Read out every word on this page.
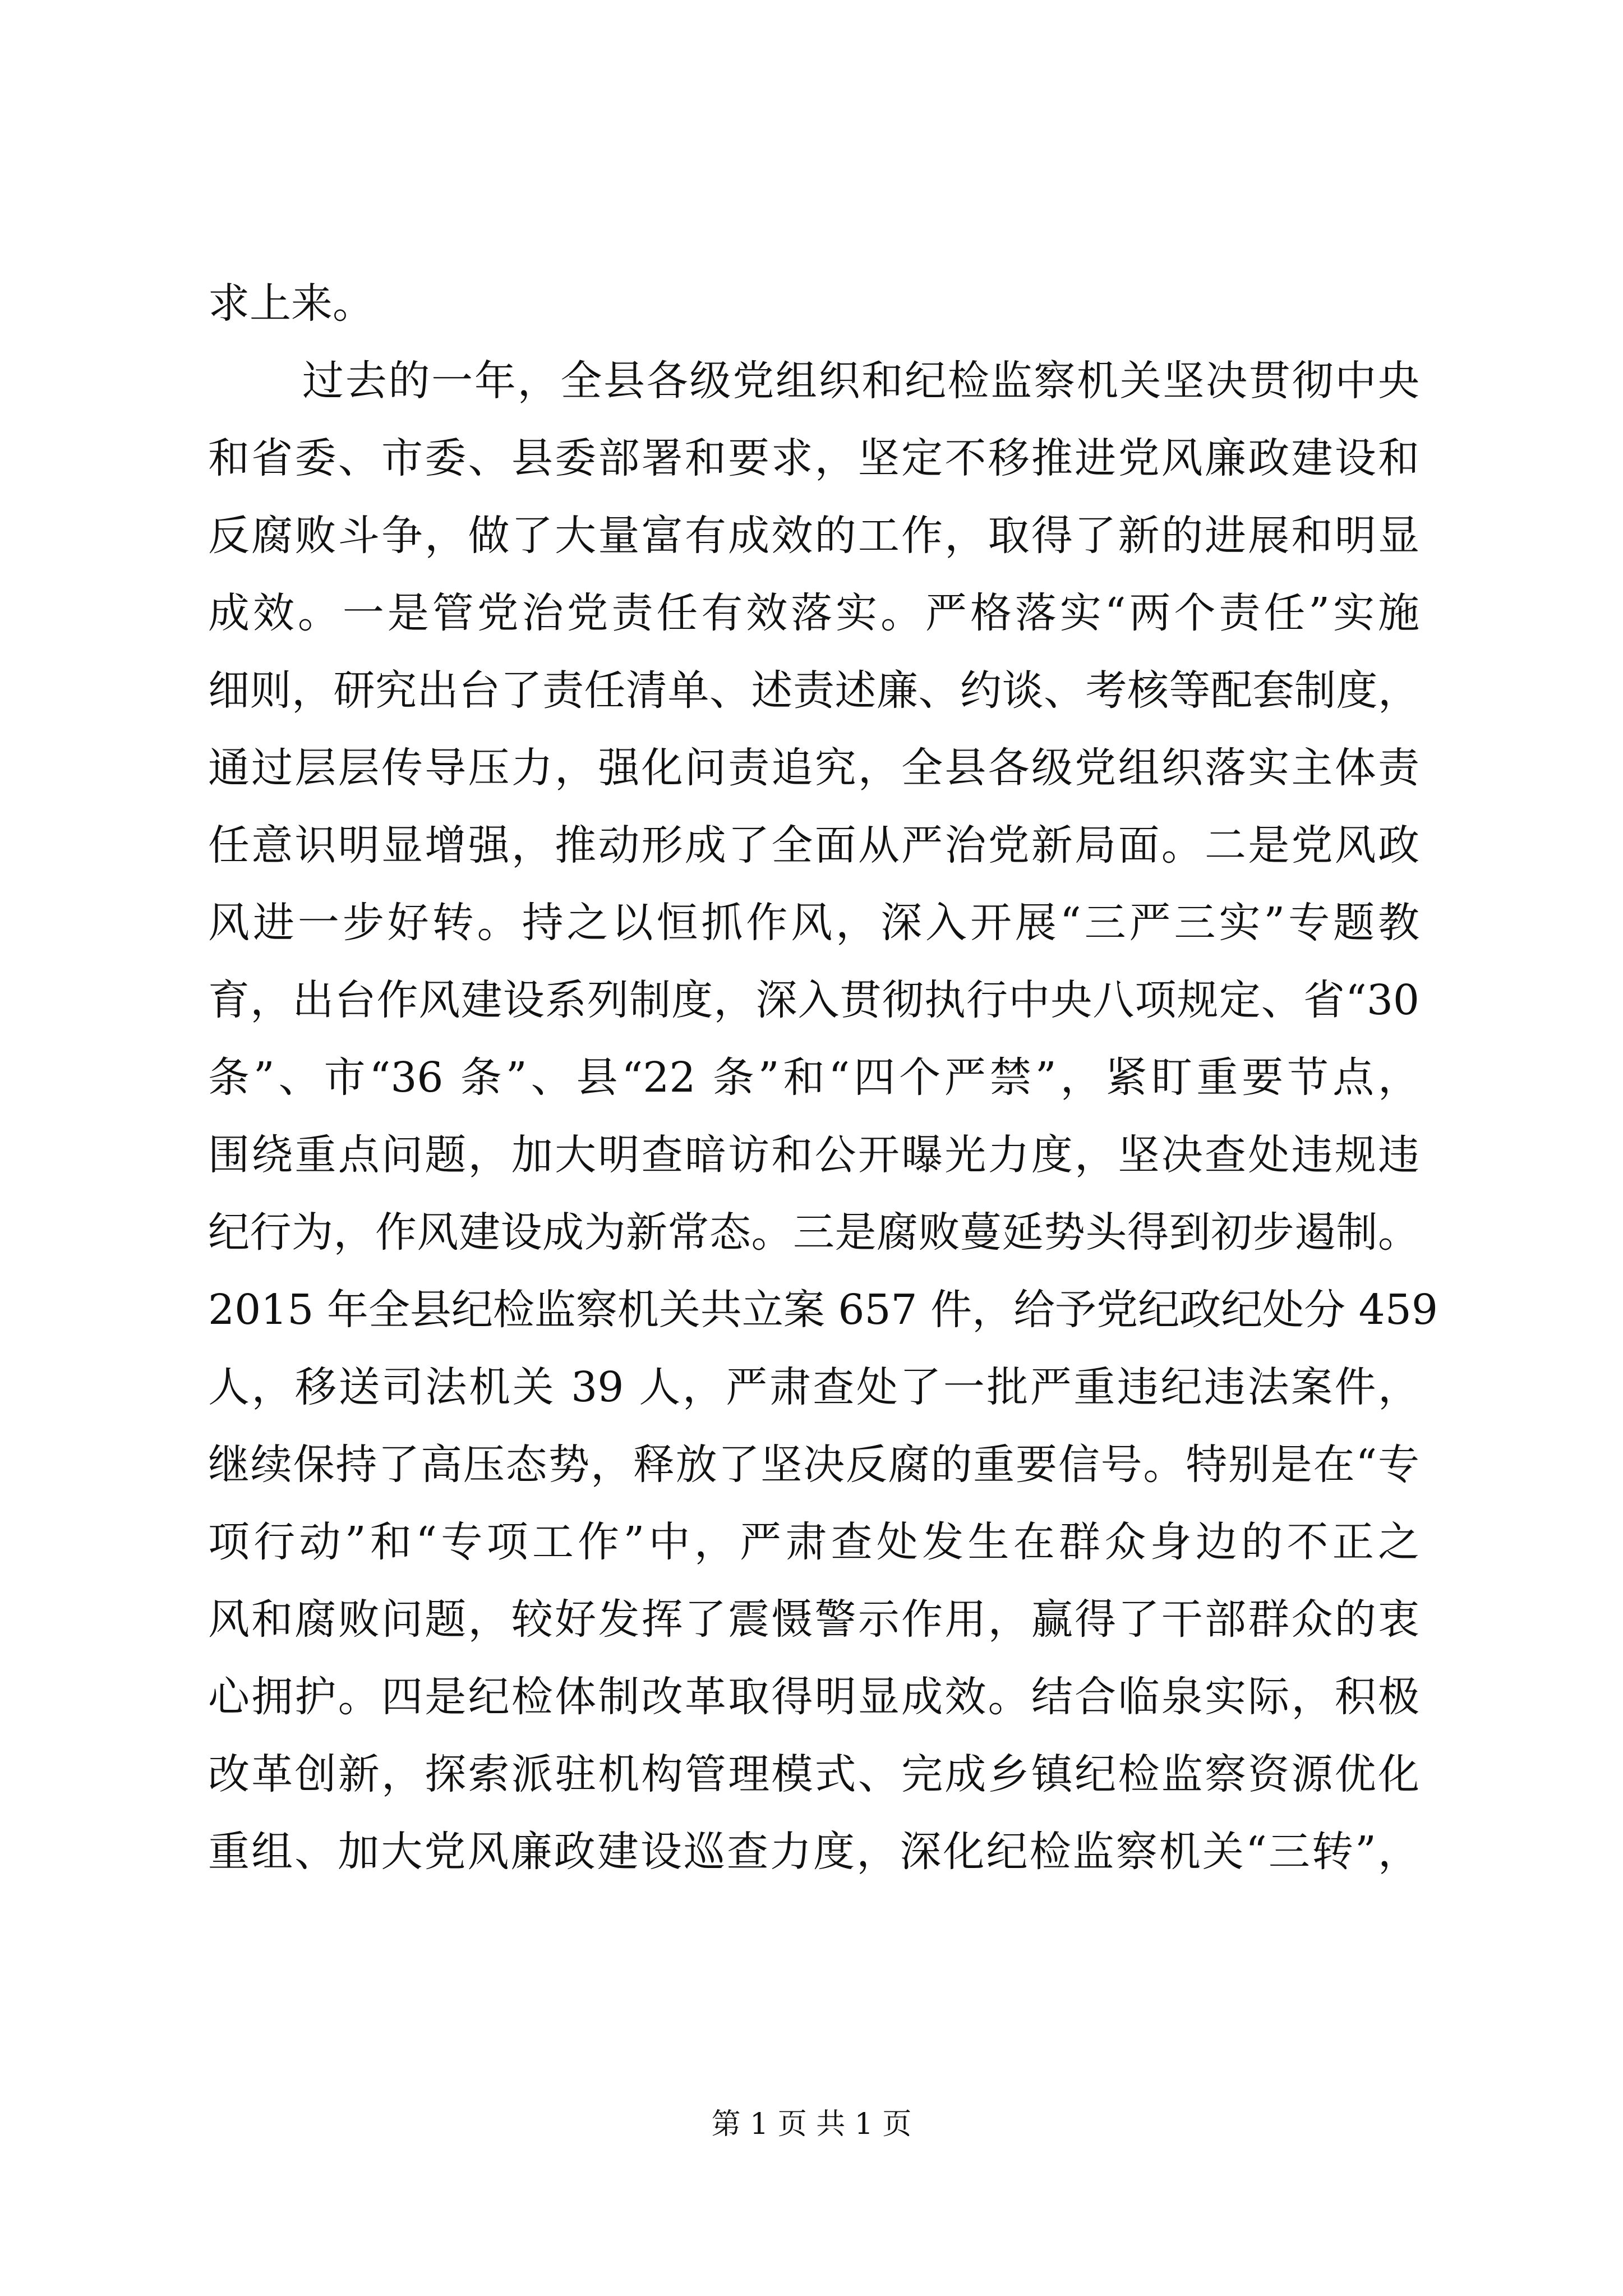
求上来。
过去的一年，全县各级党组织和纪检监察机关坚决贯彻中央
和省委、市委、县委部署和要求，坚定不移推进党风廉政建设和
反腐败斗争，做了大量富有成效的工作，取得了新的进展和明显
成效。一是管党治党责任有效落实。严格落实“两个责任”实施
细则，研究出台了责任清单、述责述廉、约谈、考核等配套制度，
通过层层传导压力，强化问责追究，全县各级党组织落实主体责
任意识明显增强，推动形成了全面从严治党新局面。二是党风政
风进一步好转。持之以恒抓作风，深入开展“三严三实”专题教
育，出台作风建设系列制度，深入贯彻执行中央八项规定、省“30
条”、市“36 条”、县“22 条”和“四个严禁”，紧盯重要节点，
围绕重点问题，加大明查暗访和公开曝光力度，坚决查处违规违
纪行为，作风建设成为新常态。三是腐败蔓延势头得到初步遏制。
2015 年全县纪检监察机关共立案 657 件，给予党纪政纪处分 459
人，移送司法机关 39 人，严肃查处了一批严重违纪违法案件，
继续保持了高压态势，释放了坚决反腐的重要信号。特别是在“专
项行动”和“专项工作”中，严肃查处发生在群众身边的不正之
风和腐败问题，较好发挥了震慑警示作用，赢得了干部群众的衷
心拥护。四是纪检体制改革取得明显成效。结合临泉实际，积极
改革创新，探索派驻机构管理模式、完成乡镇纪检监察资源优化
重组、加大党风廉政建设巡查力度，深化纪检监察机关“三转”，
第 1 页 共 1 页
